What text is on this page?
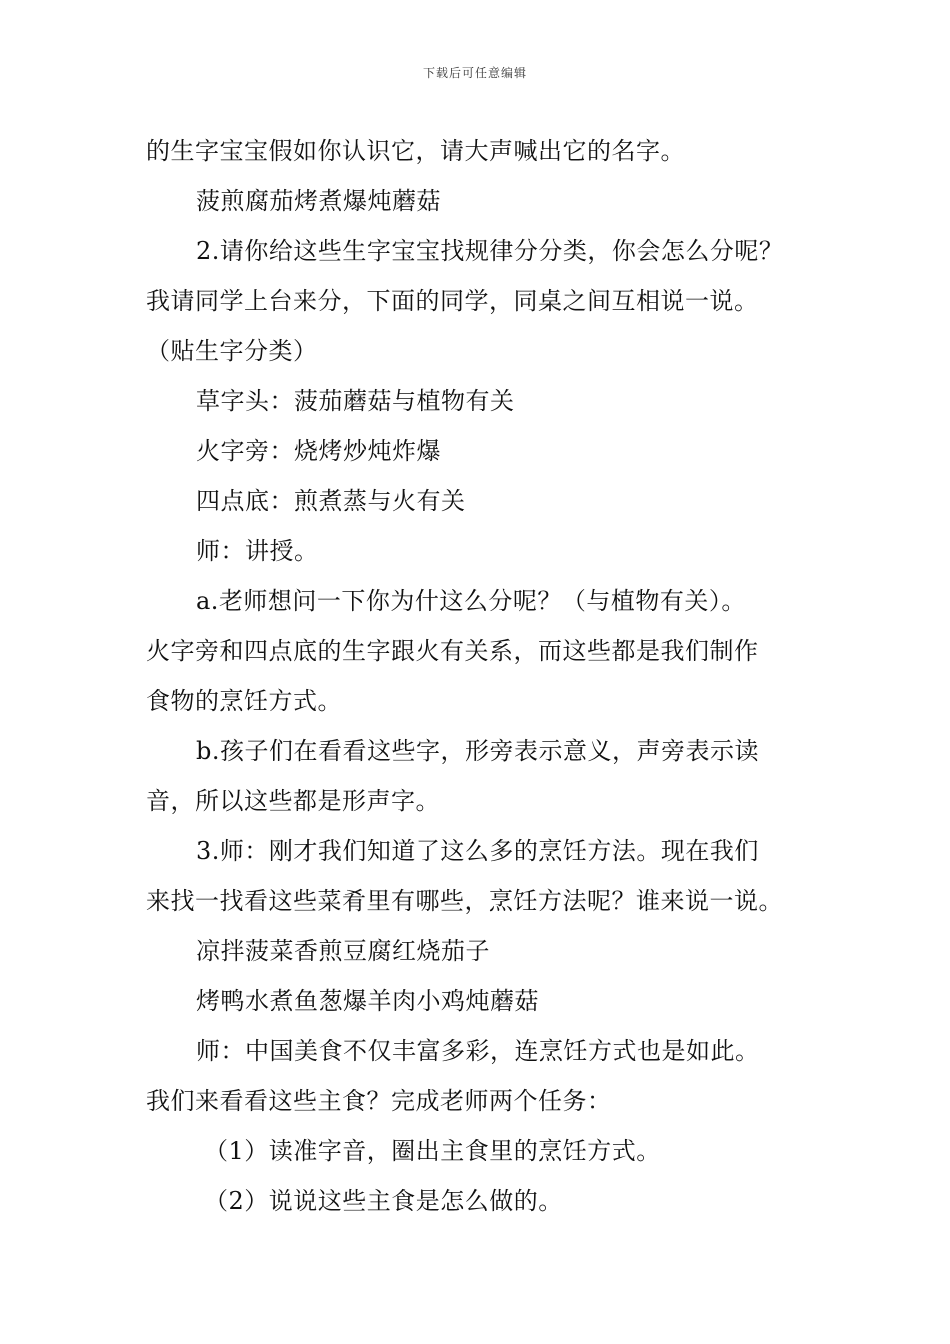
下载后可任意编辑
的生字宝宝假如你认识它，请大声喊出它的名字。
菠煎腐茄烤煮爆炖蘑菇
2.请你给这些生字宝宝找规律分分类，你会怎么分呢？
我请同学上台来分，下面的同学，同桌之间互相说一说。
（贴生字分类）
草字头：菠茄蘑菇与植物有关
火字旁：烧烤炒炖炸爆
四点底：煎煮蒸与火有关
师：讲授。
a.老师想问一下你为什这么分呢？（与植物有关）。
火字旁和四点底的生字跟火有关系，而这些都是我们制作
食物的烹饪方式。
b.孩子们在看看这些字，形旁表示意义，声旁表示读
音，所以这些都是形声字。
3.师：刚才我们知道了这么多的烹饪方法。现在我们
来找一找看这些菜肴里有哪些，烹饪方法呢？谁来说一说。
凉拌菠菜香煎豆腐红烧茄子
烤鸭水煮鱼葱爆羊肉小鸡炖蘑菇
师：中国美食不仅丰富多彩，连烹饪方式也是如此。
我们来看看这些主食？完成老师两个任务：
（1）读准字音，圈出主食里的烹饪方式。
（2）说说这些主食是怎么做的。
